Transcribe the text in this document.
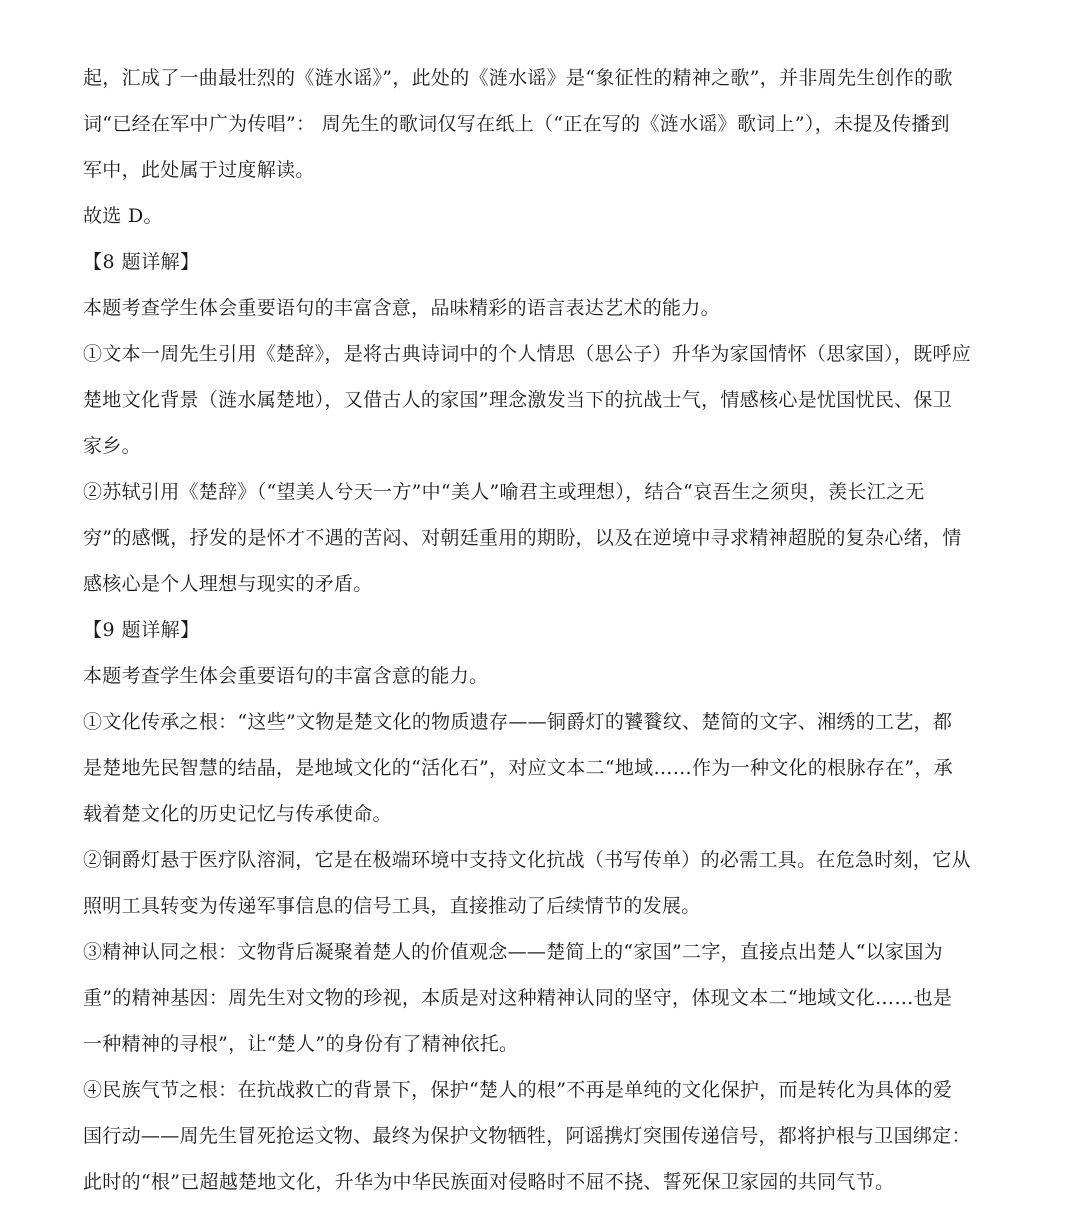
起，汇成了一曲最壮烈的《涟水谣》”，此处的《涟水谣》是“象征性的精神之歌”，并非周先生创作的歌
词“已经在军中广为传唱”： 周先生的歌词仅写在纸上（“正在写的《涟水谣》歌词上”），未提及传播到
军中，此处属于过度解读。
故选 D。
【8 题详解】
本题考查学生体会重要语句的丰富含意，品味精彩的语言表达艺术的能力。
①文本一周先生引用《楚辞》，是将古典诗词中的个人情思（思公子）升华为家国情怀（思家国），既呼应
楚地文化背景（涟水属楚地），又借古人的家国”理念激发当下的抗战士气，情感核心是忧国忧民、保卫
家乡。
②苏轼引用《楚辞》（“望美人兮天一方”中“美人”喻君主或理想），结合“哀吾生之须臾，羡长江之无
穷”的感慨，抒发的是怀才不遇的苦闷、对朝廷重用的期盼，以及在逆境中寻求精神超脱的复杂心绪，情
感核心是个人理想与现实的矛盾。
【9 题详解】
本题考查学生体会重要语句的丰富含意的能力。
①文化传承之根：“这些”文物是楚文化的物质遗存——铜爵灯的饕餮纹、楚简的文字、湘绣的工艺，都
是楚地先民智慧的结晶，是地域文化的“活化石”，对应文本二“地域……作为一种文化的根脉存在”，承
载着楚文化的历史记忆与传承使命。
②铜爵灯悬于医疗队溶洞，它是在极端环境中支持文化抗战（书写传单）的必需工具。在危急时刻，它从
照明工具转变为传递军事信息的信号工具，直接推动了后续情节的发展。
③精神认同之根：文物背后凝聚着楚人的价值观念——楚简上的“家国”二字，直接点出楚人“以家国为
重”的精神基因：周先生对文物的珍视，本质是对这种精神认同的坚守，体现文本二“地域文化……也是
一种精神的寻根”，让“楚人”的身份有了精神依托。
④民族气节之根：在抗战救亡的背景下，保护“楚人的根”不再是单纯的文化保护，而是转化为具体的爱
国行动——周先生冒死抢运文物、最终为保护文物牺牲，阿谣携灯突围传递信号，都将护根与卫国绑定：
此时的“根”已超越楚地文化，升华为中华民族面对侵略时不屈不挠、誓死保卫家园的共同气节。
